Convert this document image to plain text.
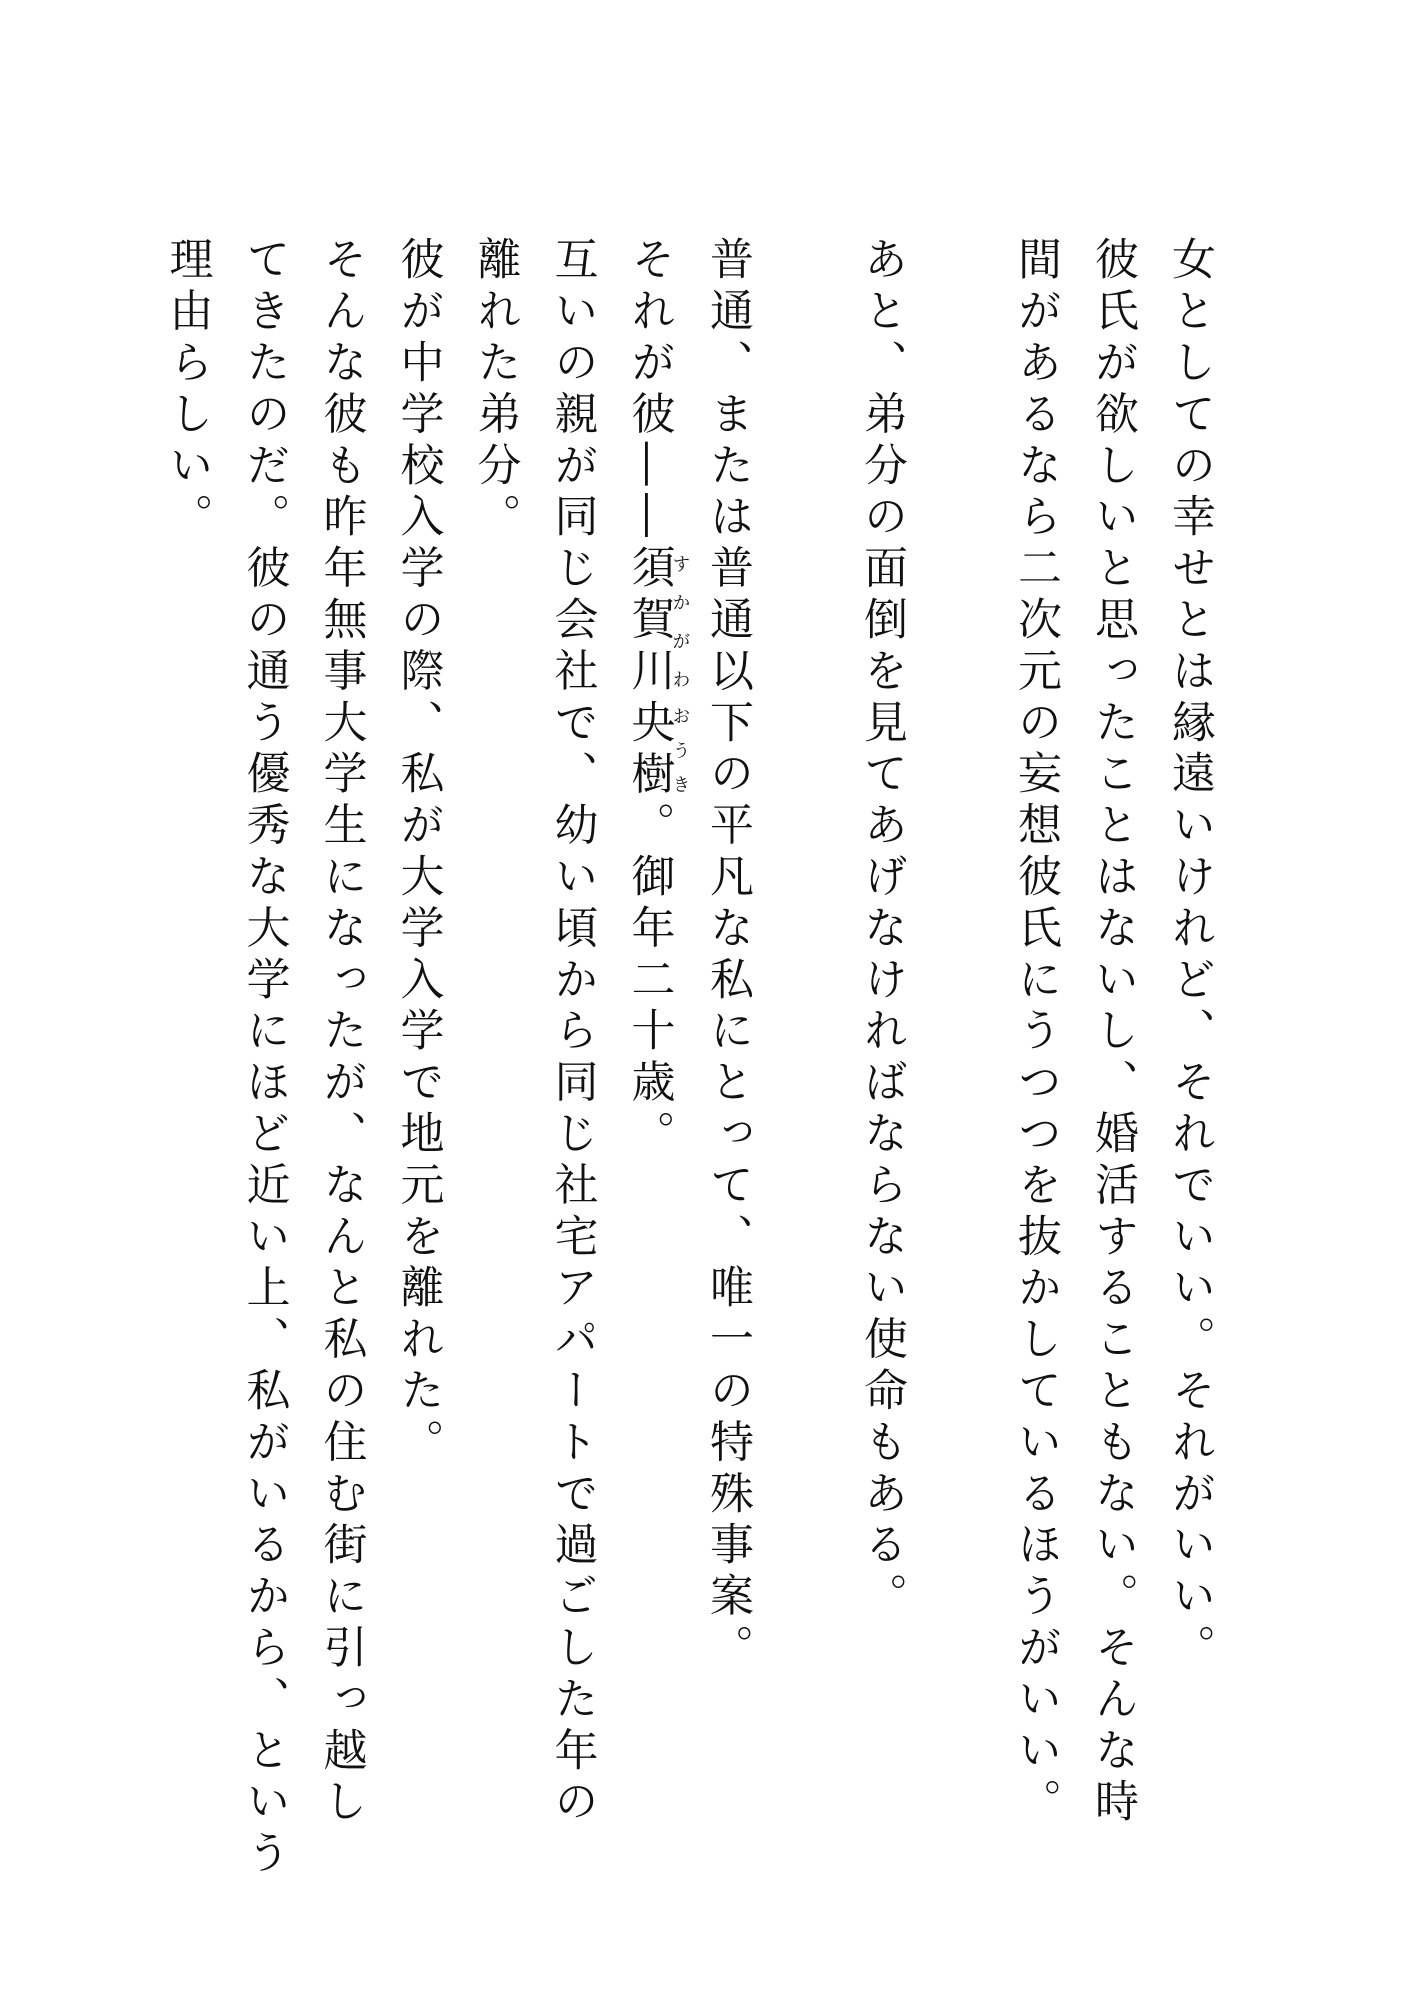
女としての幸せとは縁遠いけれど、それでいい。それがいい。

彼氏が欲しいと思ったことはないし、婚活することもない。そんな時

間があるなら二次元の妄想彼氏にうつつを抜かしているほうがいい。

あと、弟分の面倒を見てあげなければならない使命もある。

普通、または普通以下の平凡な私にとって、唯一の特殊事案。

それが彼――須賀川すかがわ央樹おうき。御年二十歳。

互いの親が同じ会社で、幼い頃から同じ社宅アパートで過ごした年の

離れた弟分。

彼が中学校入学の際、私が大学入学で地元を離れた。

そんな彼も昨年無事大学生になったが、なんと私の住む街に引っ越し

てきたのだ。彼の通う優秀な大学にほど近い上、私がいるから、という

理由らしい。
